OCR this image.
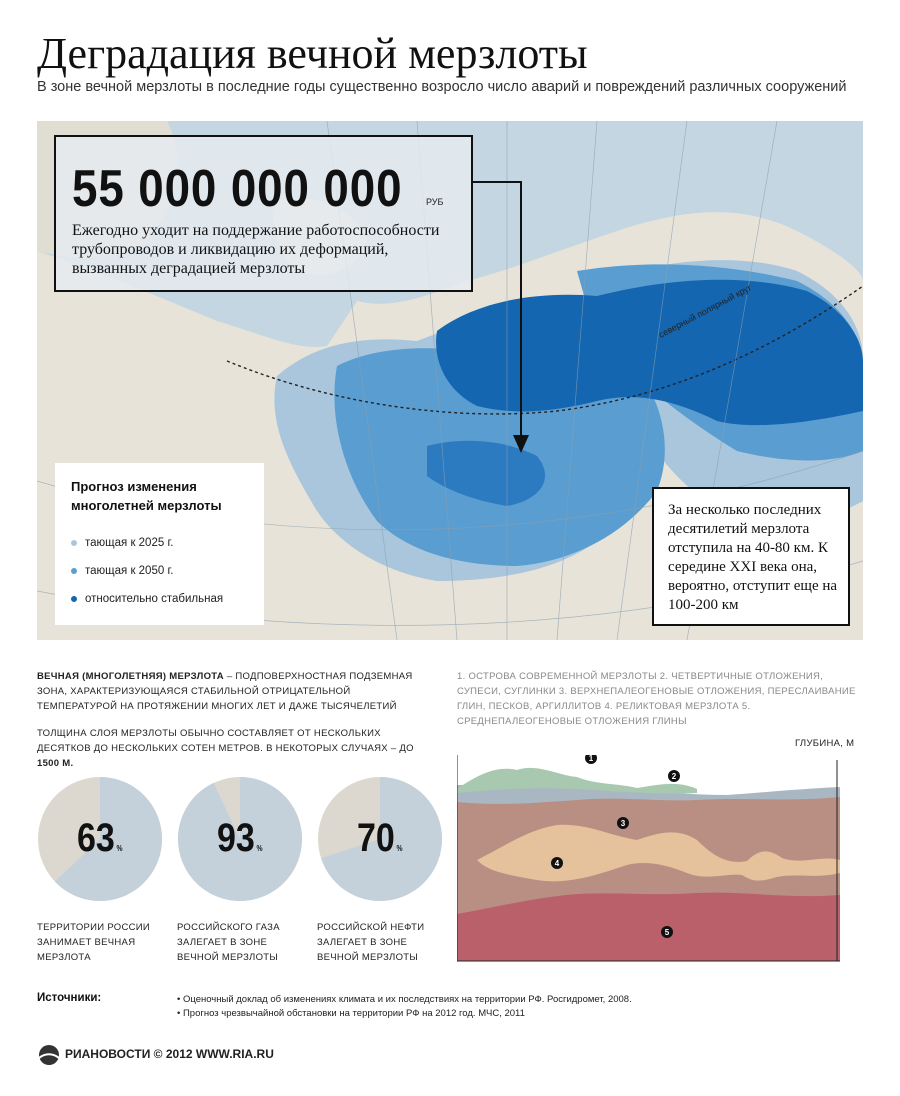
Деградация вечной мерзлоты
В зоне вечной мерзлоты в последние годы существенно возросло число аварий и повреждений различных сооружений
55 000 000 000	РУБ
Ежегодно уходит на поддержание работоспособности трубопроводов и ликвидацию их деформаций, вызванных деградацией мерзлоты
северный полярный круг
Прогноз изменения многолетней мерзлоты
тающая к 2025 г.
тающая к 2050 г.
относительно стабильная
За несколько последних десятилетий мерзлота отступила на 40-80 км. К середине XXI века она, вероятно, отступит еще на 100-200 км
ВЕЧНАЯ (МНОГОЛЕТНЯЯ) МЕРЗЛОТА – ПОДПОВЕРХНОСТНАЯ ПОДЗЕМНАЯ ЗОНА, ХАРАКТЕРИЗУЮЩАЯСЯ СТАБИЛЬНОЙ ОТРИЦАТЕЛЬНОЙ ТЕМПЕРАТУРОЙ НА ПРОТЯЖЕНИИ МНОГИХ ЛЕТ И ДАЖЕ ТЫСЯЧЕЛЕТИЙ
ТОЛЩИНА СЛОЯ МЕРЗЛОТЫ ОБЫЧНО СОСТАВЛЯЕТ ОТ НЕСКОЛЬКИХ ДЕСЯТКОВ ДО НЕСКОЛЬКИХ СОТЕН МЕТРОВ. В НЕКОТОРЫХ СЛУЧАЯХ – ДО 1500 М.
63 %
ТЕРРИТОРИИ РОССИИ ЗАНИМАЕТ ВЕЧНАЯ МЕРЗЛОТА
93 %
РОССИЙСКОГО ГАЗА ЗАЛЕГАЕТ В ЗОНЕ ВЕЧНОЙ МЕРЗЛОТЫ
70 %
РОССИЙСКОЙ НЕФТИ ЗАЛЕГАЕТ В ЗОНЕ ВЕЧНОЙ МЕРЗЛОТЫ
1. ОСТРОВА СОВРЕМЕННОЙ МЕРЗЛОТЫ 2. ЧЕТВЕРТИЧНЫЕ ОТЛОЖЕНИЯ, СУПЕСИ, СУГЛИНКИ 3. ВЕРХНЕПАЛЕОГЕНОВЫЕ ОТЛОЖЕНИЯ, ПЕРЕСЛАИВАНИЕ ГЛИН, ПЕСКОВ, АРГИЛЛИТОВ 4. РЕЛИКТОВАЯ МЕРЗЛОТА 5. СРЕДНЕПАЛЕОГЕНОВЫЕ ОТЛОЖЕНИЯ ГЛИНЫ
ГЛУБИНА, М
1
2
3
4
5
Источники:	• Оценочный доклад об изменениях климата и их последствиях на территории РФ. Росгидромет, 2008.
• Прогноз чрезвычайной обстановки на территории РФ на 2012 год. МЧС, 2011
РИАНОВОСТИ © 2012 WWW.RIA.RU
